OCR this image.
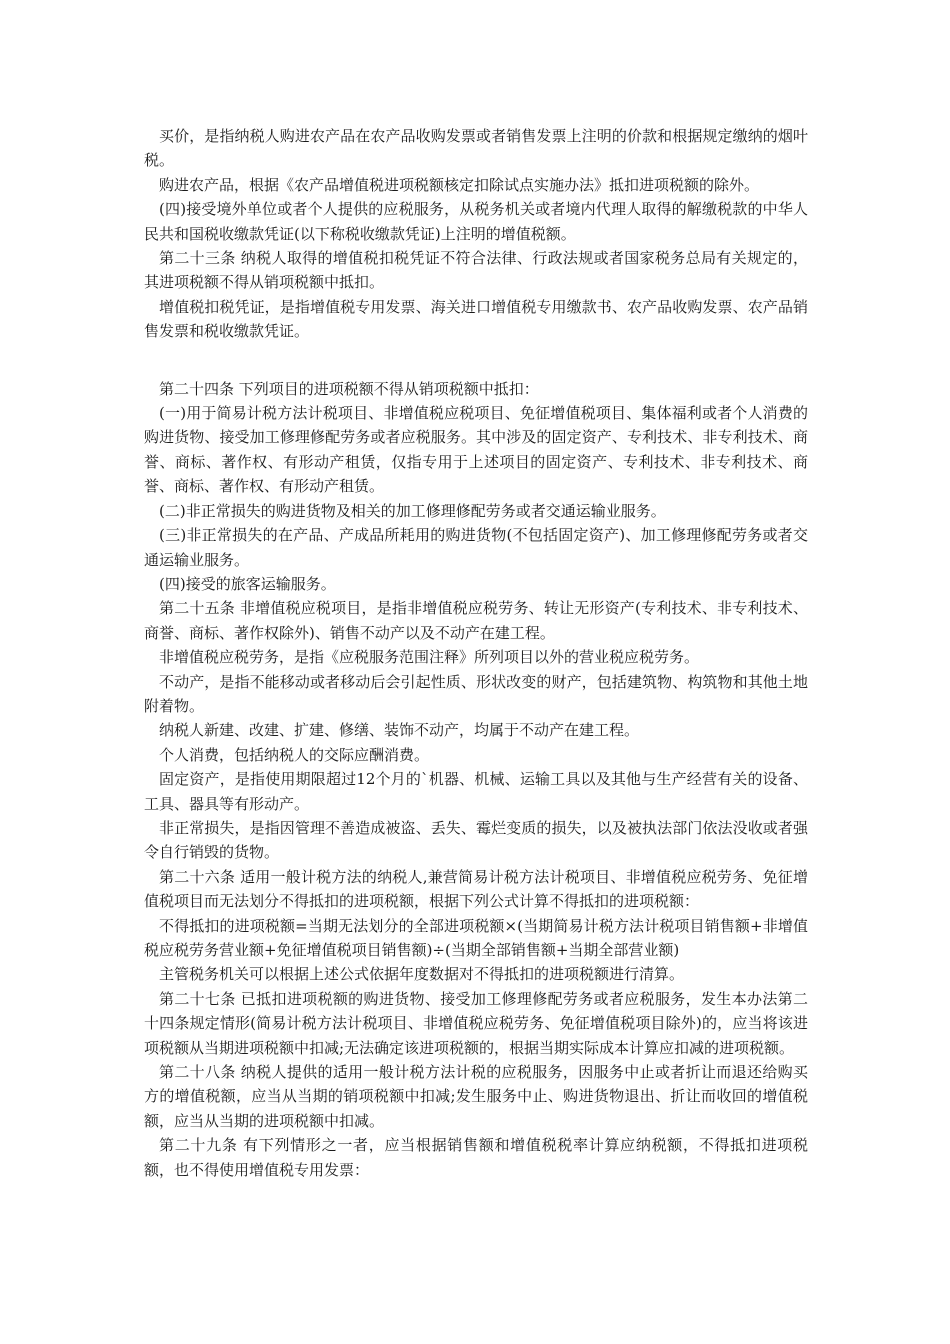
买价，是指纳税人购进农产品在农产品收购发票或者销售发票上注明的价款和根据规定缴纳的烟叶税。

购进农产品，根据《农产品增值税进项税额核定扣除试点实施办法》抵扣进项税额的除外。

(四)接受境外单位或者个人提供的应税服务，从税务机关或者境内代理人取得的解缴税款的中华人民共和国税收缴款凭证(以下称税收缴款凭证)上注明的增值税额。

第二十三条 纳税人取得的增值税扣税凭证不符合法律、行政法规或者国家税务总局有关规定的，其进项税额不得从销项税额中抵扣。

增值税扣税凭证，是指增值税专用发票、海关进口增值税专用缴款书、农产品收购发票、农产品销售发票和税收缴款凭证。

第二十四条 下列项目的进项税额不得从销项税额中抵扣：

(一)用于简易计税方法计税项目、非增值税应税项目、免征增值税项目、集体福利或者个人消费的购进货物、接受加工修理修配劳务或者应税服务。其中涉及的固定资产、专利技术、非专利技术、商誉、商标、著作权、有形动产租赁，仅指专用于上述项目的固定资产、专利技术、非专利技术、商誉、商标、著作权、有形动产租赁。

(二)非正常损失的购进货物及相关的加工修理修配劳务或者交通运输业服务。

(三)非正常损失的在产品、产成品所耗用的购进货物(不包括固定资产)、加工修理修配劳务或者交通运输业服务。

(四)接受的旅客运输服务。

第二十五条 非增值税应税项目，是指非增值税应税劳务、转让无形资产(专利技术、非专利技术、商誉、商标、著作权除外)、销售不动产以及不动产在建工程。

非增值税应税劳务，是指《应税服务范围注释》所列项目以外的营业税应税劳务。

不动产，是指不能移动或者移动后会引起性质、形状改变的财产，包括建筑物、构筑物和其他土地附着物。

纳税人新建、改建、扩建、修缮、装饰不动产，均属于不动产在建工程。

个人消费，包括纳税人的交际应酬消费。

固定资产，是指使用期限超过12个月的`机器、机械、运输工具以及其他与生产经营有关的设备、工具、器具等有形动产。

非正常损失，是指因管理不善造成被盗、丢失、霉烂变质的损失，以及被执法部门依法没收或者强令自行销毁的货物。

第二十六条 适用一般计税方法的纳税人,兼营简易计税方法计税项目、非增值税应税劳务、免征增值税项目而无法划分不得抵扣的进项税额，根据下列公式计算不得抵扣的进项税额：

不得抵扣的进项税额=当期无法划分的全部进项税额×(当期简易计税方法计税项目销售额+非增值税应税劳务营业额+免征增值税项目销售额)÷(当期全部销售额+当期全部营业额)

主管税务机关可以根据上述公式依据年度数据对不得抵扣的进项税额进行清算。

第二十七条 已抵扣进项税额的购进货物、接受加工修理修配劳务或者应税服务，发生本办法第二十四条规定情形(简易计税方法计税项目、非增值税应税劳务、免征增值税项目除外)的，应当将该进项税额从当期进项税额中扣减;无法确定该进项税额的，根据当期实际成本计算应扣减的进项税额。

第二十八条 纳税人提供的适用一般计税方法计税的应税服务，因服务中止或者折让而退还给购买方的增值税额，应当从当期的销项税额中扣减;发生服务中止、购进货物退出、折让而收回的增值税额，应当从当期的进项税额中扣减。

第二十九条 有下列情形之一者，应当根据销售额和增值税税率计算应纳税额，不得抵扣进项税额，也不得使用增值税专用发票：
